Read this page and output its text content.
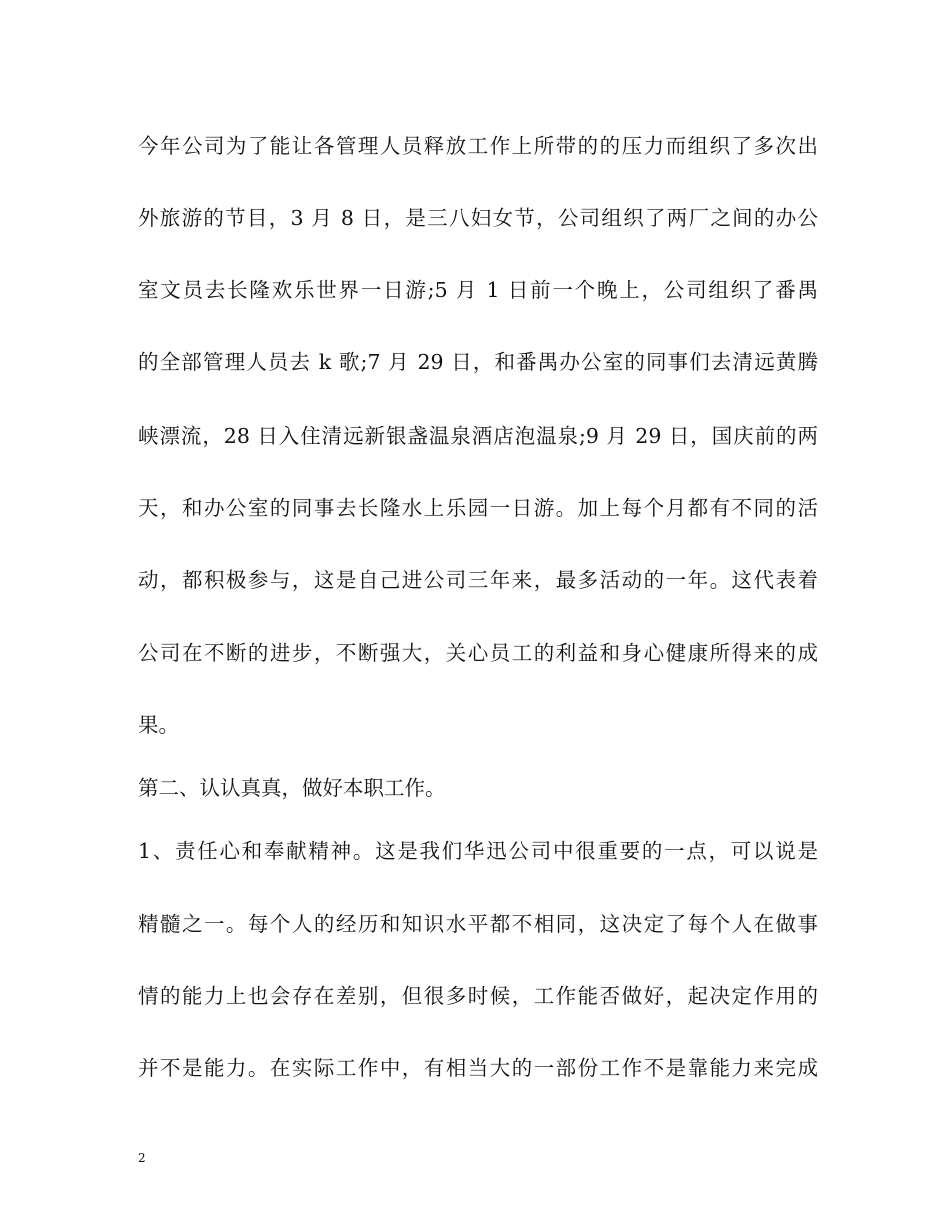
今年公司为了能让各管理人员释放工作上所带的的压力而组织了多次出
外旅游的节目，3 月 8 日，是三八妇女节，公司组织了两厂之间的办公
室文员去长隆欢乐世界一日游;5 月 1 日前一个晚上，公司组织了番禺
的全部管理人员去 k 歌;7 月 29 日，和番禺办公室的同事们去清远黄腾
峡漂流，28 日入住清远新银盏温泉酒店泡温泉;9 月 29 日，国庆前的两
天，和办公室的同事去长隆水上乐园一日游。加上每个月都有不同的活
动，都积极参与，这是自己进公司三年来，最多活动的一年。这代表着
公司在不断的进步，不断强大，关心员工的利益和身心健康所得来的成
果。
第二、认认真真，做好本职工作。
1、责任心和奉献精神。这是我们华迅公司中很重要的一点，可以说是
精髓之一。每个人的经历和知识水平都不相同，这决定了每个人在做事
情的能力上也会存在差别，但很多时候，工作能否做好，起决定作用的
并不是能力。在实际工作中，有相当大的一部份工作不是靠能力来完成
2
